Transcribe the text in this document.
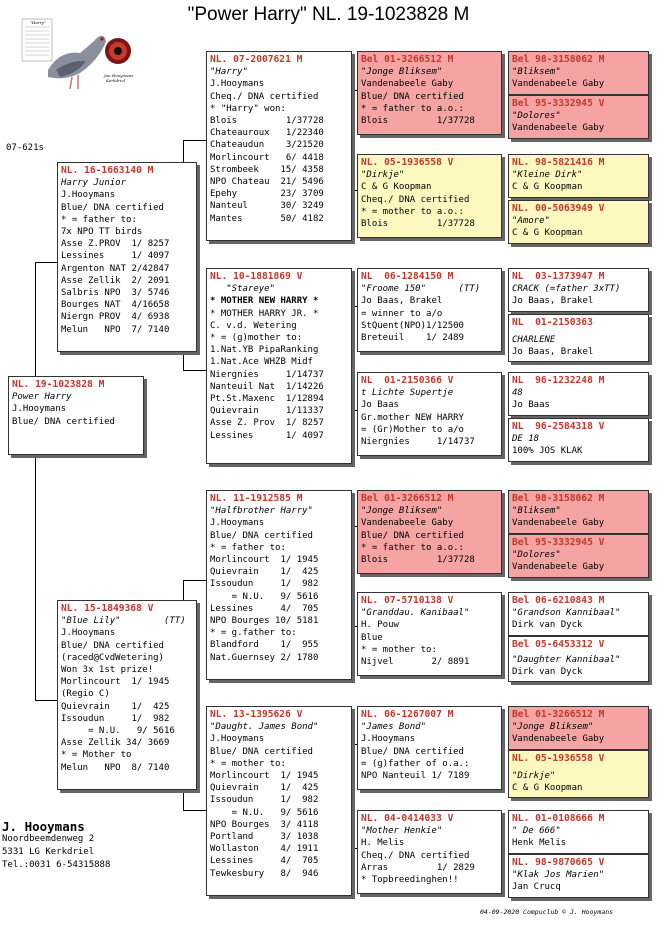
"Power Harry" NL. 19-1023828 M
"Harry"
Jan Hooymans
Kerkdriel
07-621s
NL. 19-1023828 M
Power Harry
J.Hooymans
Blue/ DNA certified
NL. 16-1663140 M
Harry Junior
J.Hooymans
Blue/ DNA certified
* = father to:
7x NPO TT birds
Asse Z.PROV  1/ 8257
Lessines     1/ 4097
Argenton NAT 2/42847
Asse Zellik  2/ 2091
Salbris NPO  3/ 5746
Bourges NAT  4/16658
Niergn PROV  4/ 6938
Melun   NPO  7/ 7140
NL. 15-1849368 V
"Blue Lily"        (TT)
J.Hooymans
Blue/ DNA certified
(raced@CvdWetering)
Won 3x 1st prize!
Morlincourt  1/ 1945
(Regio C)
Quievrain    1/  425
Issoudun     1/  982
= N.U.   9/ 5616
Asse Zellik 34/ 3669
* = Mother to
Melun   NPO  8/ 7140
NL. 07-2007621 M
"Harry"
J.Hooymans
Cheq./ DNA certified
* "Harry" won:
Blois         1/37728
Chateauroux   1/22340
Chateaudun    3/21520
Morlincourt   6/ 4418
Strombeek    15/ 4358
NPO Chateau  21/ 5496
Epehy        23/ 3709
Nanteul      30/ 3249
Mantes       50/ 4182
NL. 10-1881869 V
"Stareye"
* MOTHER NEW HARRY *
* MOTHER HARRY JR. *
C. v.d. Wetering
* = (g)mother to:
1.Nat.YB PipaRanking
1.Nat.Ace WHZB Midf
Niergnies     1/14737
Nanteuil Nat  1/14226
Pt.St.Maxenc  1/12894
Quievrain     1/11337
Asse Z. Prov  1/ 8257
Lessines      1/ 4097
NL. 11-1912585 M
"Halfbrother Harry"
J.Hooymans
Blue/ DNA certified
* = father to:
Morlincourt  1/ 1945
Quievrain    1/  425
Issoudun     1/  982
= N.U.   9/ 5616
Lessines     4/  705
NPO Bourges 10/ 5181
* = g.father to:
Blandford    1/  955
Nat.Guernsey 2/ 1780
NL. 13-1395626 V
"Daught. James Bond"
J.Hooymans
Blue/ DNA certified
* = mother to:
Morlincourt  1/ 1945
Quievrain    1/  425
Issoudun     1/  982
= N.U.   9/ 5616
NPO Bourges  3/ 4118
Portland     3/ 1038
Wollaston    4/ 1911
Lessines     4/  705
Tewkesbury   8/  946
Bel 01-3266512 M
"Jonge Bliksem"
Vandenabeele Gaby
Blue/ DNA certified
* = father to a.o.:
Blois         1/37728
NL. 05-1936558 V
"Dirkje"
C & G Koopman
Cheq./ DNA certified
* = mother to a.o.:
Blois         1/37728
NL  06-1284150 M
"Froome 150"      (TT)
Jo Baas, Brakel
= winner to a/o
StQuent(NPO)1/12500
Breteuil    1/ 2489
NL  01-2150366 V
t Lichte Supertje
Jo Baas
Gr.mother NEW HARRY
= (Gr)Mother to a/o
Niergnies     1/14737
Bel 01-3266512 M
"Jonge Bliksem"
Vandenabeele Gaby
Blue/ DNA certified
* = father to a.o.:
Blois         1/37728
NL. 07-5710138 V
"Granddau. Kanibaal"
H. Pouw
Blue
* = mother to:
Nijvel       2/ 8891
NL. 06-1267007 M
"James Bond"
J.Hooymans
Blue/ DNA certified
= (g)father of o.a.:
NPO Nanteuil 1/ 7189
NL. 04-0414033 V
"Mother Henkie"
H. Melis
Cheq./ DNA certified
Arras         1/ 2829
* Topbreedinghen!!
Bel 98-3158062 M
"Bliksem"
Vandenabeele Gaby
Bel 95-3332945 V
"Dolores"
Vandenabeele Gaby
NL. 98-5821416 M
"Kleine Dirk"
C & G Koopman
NL. 00-5063949 V
"Amore"
C & G Koopman
NL  03-1373947 M
CRACK (=father 3xTT)
Jo Baas, Brakel
NL  01-2150363
CHARLENE
Jo Baas, Brakel
NL  96-1232248 M
48
Jo Baas
NL  96-2584318 V
DE 18
100% JOS KLAK
Bel 98-3158062 M
"Bliksem"
Vandenabeele Gaby
Bel 95-3332945 V
"Dolores"
Vandenabeele Gaby
Bel 06-6210843 M
"Grandson Kannibaal"
Dirk van Dyck
Bel 05-6453312 V
"Daughter Kannibaal"
Dirk van Dyck
Bel 01-3266512 M
"Jonge Bliksem"
Vandenabeele Gaby
NL. 05-1936558 V
"Dirkje"
C & G Koopman
NL. 01-0108666 M
" De 666"
Henk Melis
NL. 98-9870665 V
"Klak Jos Marien"
Jan Crucq
J. Hooymans
Noordbeemdenweg 2
5331 LG Kerkdriel
Tel.:0031 6-54315888
04-09-2020 Compuclub © J. Hooymans
